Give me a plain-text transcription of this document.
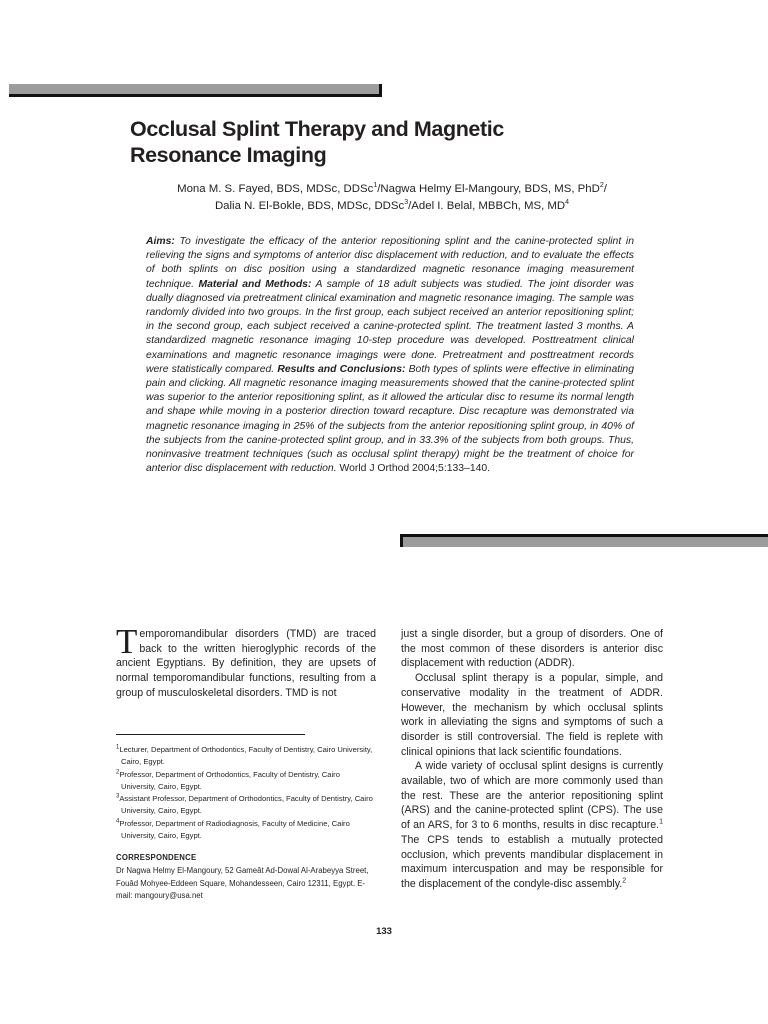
Occlusal Splint Therapy and Magnetic
Resonance Imaging
Mona M. S. Fayed, BDS, MDSc, DDSc$^1$/Nagwa Helmy El-Mangoury, BDS, MS, PhD$^2$/
Dalia N. El-Bokle, BDS, MDSc, DDSc$^3$/Adel I. Belal, MBBCh, MS, $MD^4$
Aims: To investigate the efficacy of the anterior repositioning splint and the canine-protected splint in relieving the signs and symptoms of anterior disc displacement with reduction, and to evaluate the effects of both splints on disc position using a standardized magnetic resonance imaging measurement technique. Material and Methods: A sample of 18 adult subjects was studied. The joint disorder was dually diagnosed via pretreatment clinical examination and magnetic resonance imaging. The sample was randomly divided into two groups. In the first group, each subject received an anterior repositioning splint; in the second group, each subject received a canine-protected splint. The treatment lasted 3 months. A standardized magnetic resonance imaging 10-step procedure was developed. Posttreatment clinical examinations and magnetic resonance imagings were done. Pretreatment and posttreatment records were statistically compared. Results and Conclusions: Both types of splints were effective in eliminating pain and clicking. All magnetic resonance imaging measurements showed that the canine-protected splint was superior to the anterior repositioning splint, as it allowed the articular disc to resume its normal length and shape while moving in a posterior direction toward recapture. Disc recapture was demonstrated via magnetic resonance imaging in 25% of the subjects from the anterior repositioning splint group, in 40% of the subjects from the canine-protected splint group, and in 33.3% of the subjects from both groups. Thus, noninvasive treatment techniques (such as occlusal splint therapy) might be the treatment of choice for anterior disc displacement with reduction. World J Orthod 2004;5:133–140.

Temporomandibular disorders (TMD) are traced back to the written hieroglyphic records of the ancient Egyptians. By definition, they are upsets of normal temporomandibular functions, resulting from a group of musculoskeletal disorders. TMD is not

$^1$Lecturer, Department of Orthodontics, Faculty of Dentistry, Cairo University, Cairo, Egypt.
$^2$Professor, Department of Orthodontics, Faculty of Dentistry, Cairo University, Cairo, Egypt.
$^3$Assistant Professor, Department of Orthodontics, Faculty of Dentistry, Cairo University, Cairo, Egypt.
$^4$Professor, Department of Radiodiagnosis, Faculty of Medicine, Cairo University, Cairo, Egypt.
CORRESPONDENCE
Dr Nagwa Helmy El-Mangoury, 52 Gameât Ad-Dowal Al-Arabeyya Street, Fouâd Mohyee-Eddeen Square, Mohandesseen, Cairo 12311, Egypt. E-mail: mangoury@usa.net

just a single disorder, but a group of disorders. One of the most common of these disorders is anterior disc displacement with reduction (ADDR).

Occlusal splint therapy is a popular, simple, and conservative modality in the treatment of ADDR. However, the mechanism by which occlusal splints work in alleviating the signs and symptoms of such a disorder is still controversial. The field is replete with clinical opinions that lack scientific foundations.

A wide variety of occlusal splint designs is currently available, two of which are more commonly used than the rest. These are the anterior repositioning splint (ARS) and the canine-protected splint (CPS). The use of an ARS, for 3 to 6 months, results in disc recapture.$^1$ The CPS tends to establish a mutually protected occlusion, which prevents mandibular displacement in maximum intercuspation and may be responsible for the displacement of the condyle-disc assembly.$^2$

133
